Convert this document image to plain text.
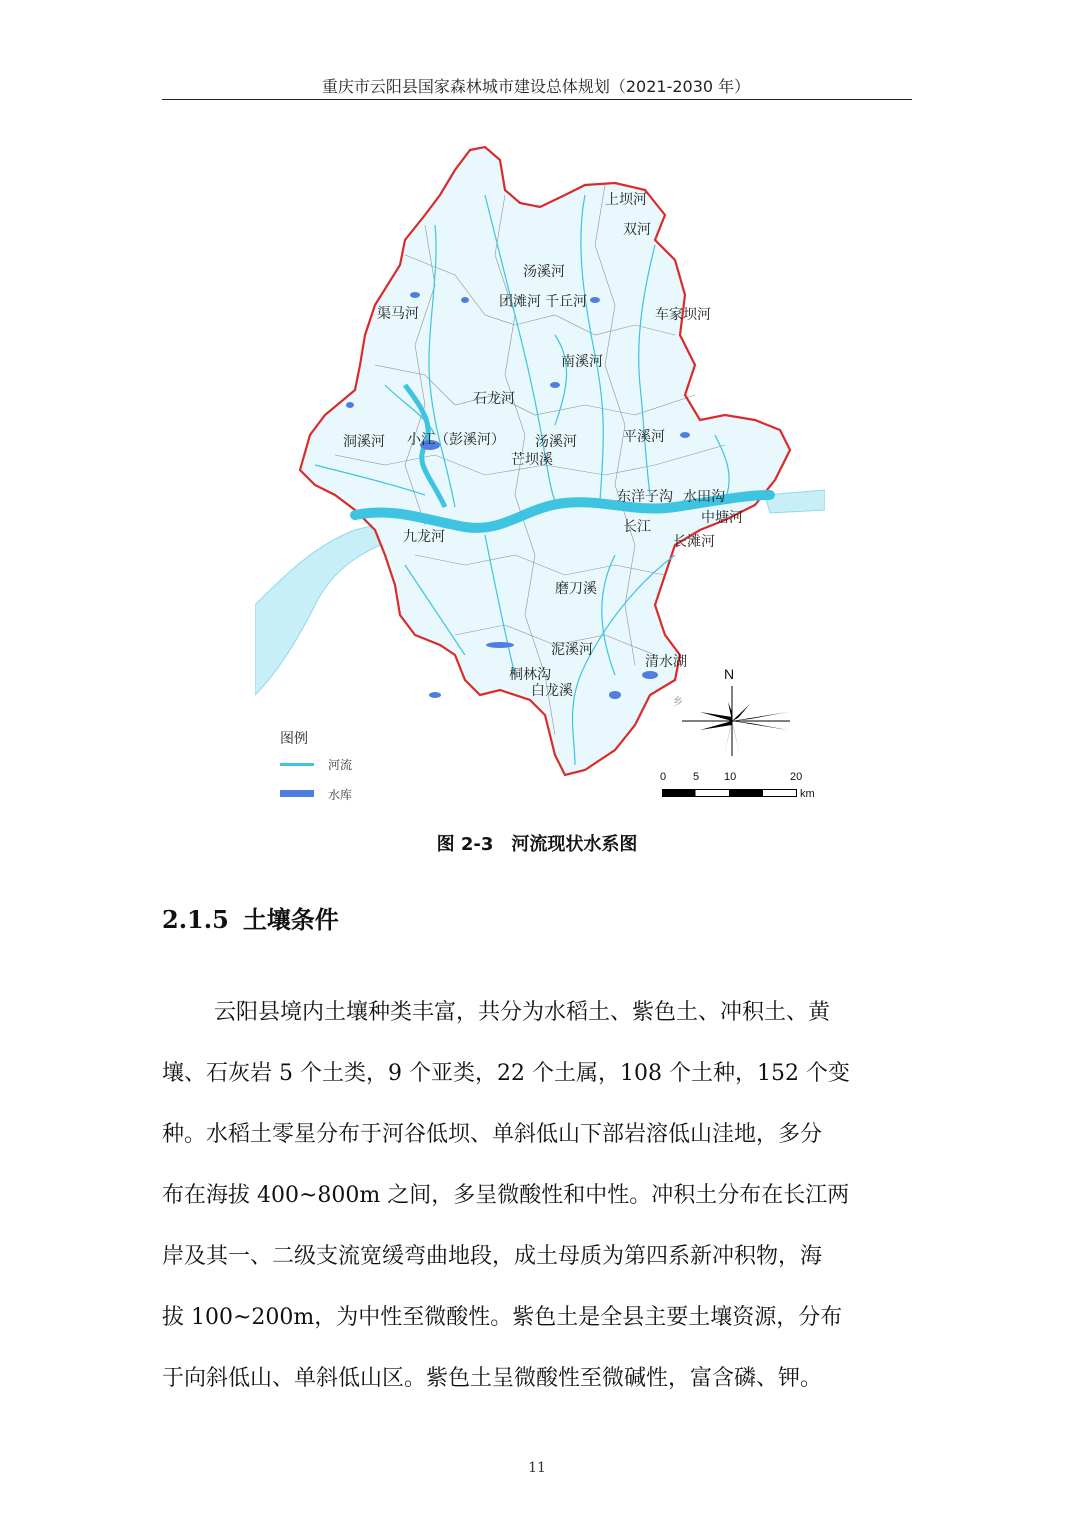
重庆市云阳县国家森林城市建设总体规划（2021-2030 年）
上坝河
双河
汤溪河
团滩河 千丘河
车家坝河
渠马河
南溪河
石龙河
洞溪河 小江（彭溪河） 汤溪河	平溪河
芒坝溪
东洋子沟 水田沟
长江
中塘河
九龙河	长滩河
磨刀溪
泥溪河
桐林沟
白龙溪
清水湖
乡
图例
河流
水库
N
0 5 10	20
km
图 2-3　河流现状水系图
2.1.5 土壤条件
云阳县境内土壤种类丰富，共分为水稻土、紫色土、冲积土、黄
壤、石灰岩 5 个土类，9 个亚类，22 个土属，108 个土种，152 个变
种。水稻土零星分布于河谷低坝、单斜低山下部岩溶低山洼地，多分
布在海拔 400~800m 之间，多呈微酸性和中性。冲积土分布在长江两
岸及其一、二级支流宽缓弯曲地段，成土母质为第四系新冲积物，海
拔 100~200m，为中性至微酸性。紫色土是全县主要土壤资源，分布
于向斜低山、单斜低山区。紫色土呈微酸性至微碱性，富含磷、钾。
11
